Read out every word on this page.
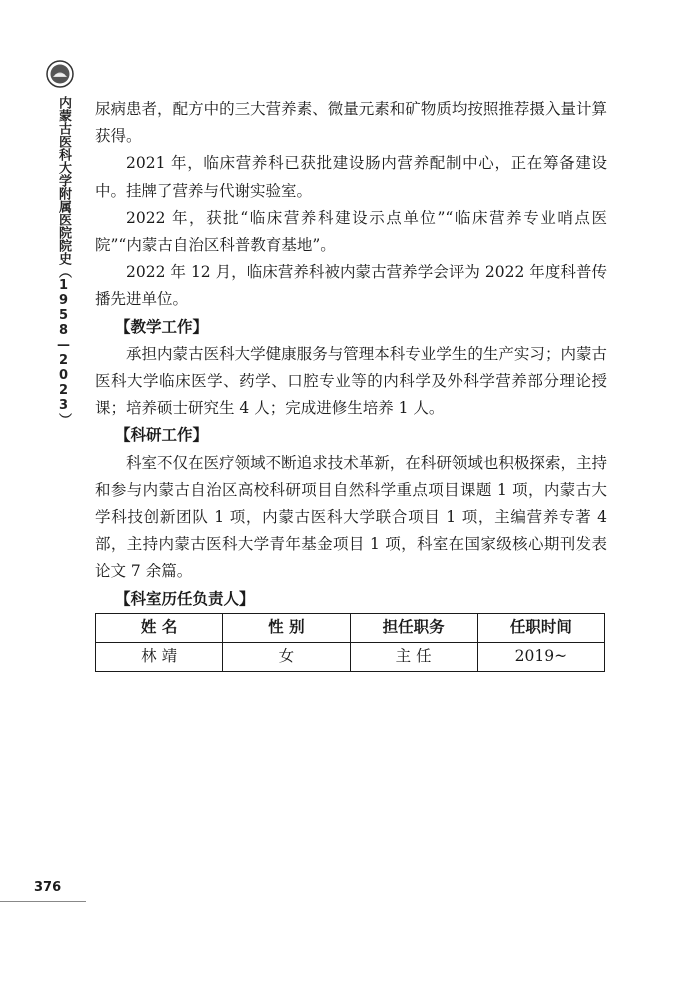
内蒙古医科大学附属医院院史（1958—2023） 尿病患者，配方中的三大营养素、微量元素和矿物质均按照推荐摄入量计算获得。

2021 年，临床营养科已获批建设肠内营养配制中心，正在筹备建设中。挂牌了营养与代谢实验室。

2022 年，获批“临床营养科建设示点单位”“临床营养专业哨点医院”“内蒙古自治区科普教育基地”。

2022 年 12 月，临床营养科被内蒙古营养学会评为 2022 年度科普传播先进单位。

【教学工作】

承担内蒙古医科大学健康服务与管理本科专业学生的生产实习；内蒙古医科大学临床医学、药学、口腔专业等的内科学及外科学营养部分理论授课；培养硕士研究生 4 人；完成进修生培养 1 人。

【科研工作】

科室不仅在医疗领域不断追求技术革新，在科研领域也积极探索，主持和参与内蒙古自治区高校科研项目自然科学重点项目课题 1 项，内蒙古大学科技创新团队 1 项，内蒙古医科大学联合项目 1 项，主编营养专著 4 部，主持内蒙古医科大学青年基金项目 1 项，科室在国家级核心期刊发表论文 7 余篇。

【科室历任负责人】
姓 名	性 别	担任职务	任职时间
林 靖	女	主 任	2019~
376
